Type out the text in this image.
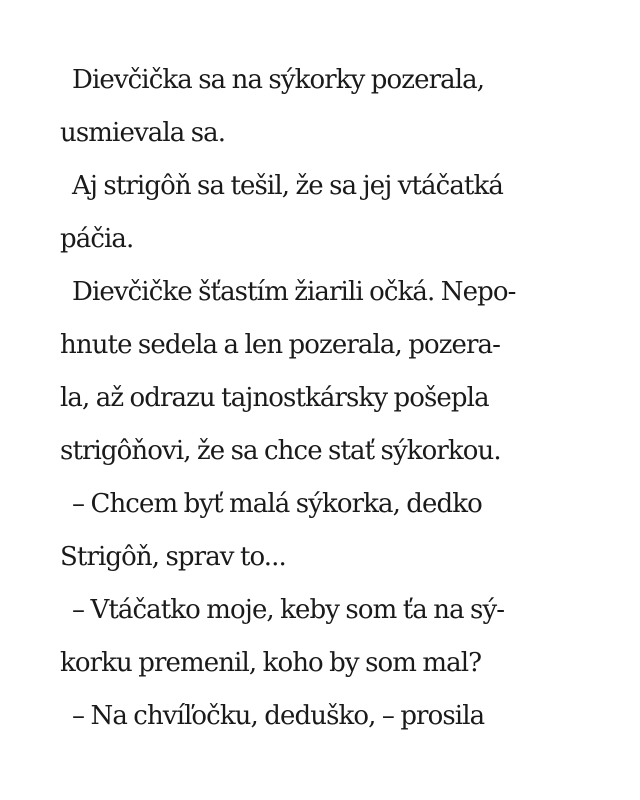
Dievčička sa na sýkorky pozerala,
usmievala sa.
Aj strigôň sa tešil, že sa jej vtáčatká
páčia.
Dievčičke šťastím žiarili očká. Nepo-
hnute sedela a len pozerala, pozera-
la, až odrazu tajnostkársky pošepla
strigôňovi, že sa chce stať sýkorkou.
– Chcem byť malá sýkorka, dedko
Strigôň, sprav to...
– Vtáčatko moje, keby som ťa na sý-
korku premenil, koho by som mal?
– Na chvíľočku, deduško, – prosila
